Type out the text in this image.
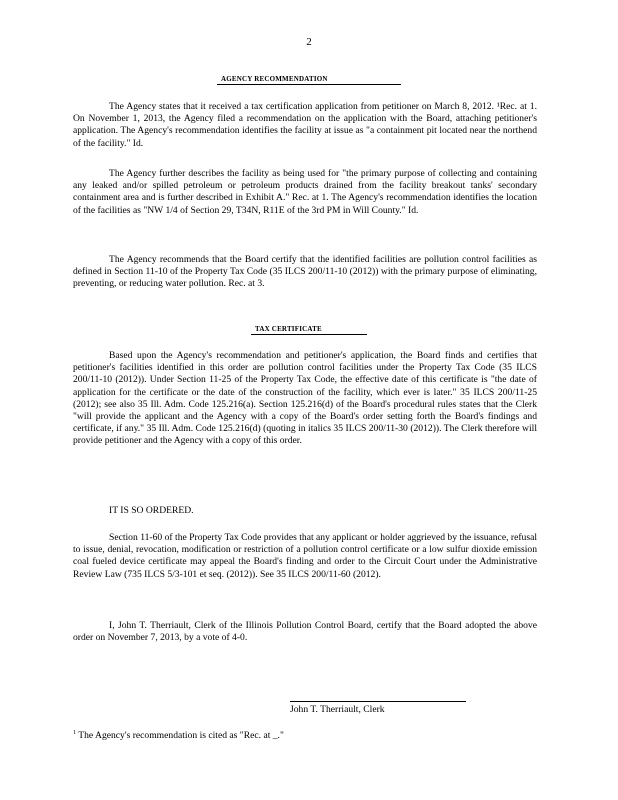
2
AGENCY RECOMMENDATION

The Agency states that it received a tax certification application from petitioner on March 8, 2012. ¹Rec. at 1. On November 1, 2013, the Agency filed a recommendation on the application with the Board, attaching petitioner's application. The Agency's recommendation identifies the facility at issue as "a containment pit located near the northend of the facility." Id.

The Agency further describes the facility as being used for "the primary purpose of collecting and containing any leaked and/or spilled petroleum or petroleum products drained from the facility breakout tanks' secondary containment area and is further described in Exhibit A." Rec. at 1. The Agency's recommendation identifies the location of the facilities as "NW 1/4 of Section 29, T34N, R11E of the 3rd PM in Will County." Id.

The Agency recommends that the Board certify that the identified facilities are pollution control facilities as defined in Section 11-10 of the Property Tax Code (35 ILCS 200/11-10 (2012)) with the primary purpose of eliminating, preventing, or reducing water pollution. Rec. at 3.

TAX CERTIFICATE

Based upon the Agency's recommendation and petitioner's application, the Board finds and certifies that petitioner's facilities identified in this order are pollution control facilities under the Property Tax Code (35 ILCS 200/11-10 (2012)). Under Section 11-25 of the Property Tax Code, the effective date of this certificate is "the date of application for the certificate or the date of the construction of the facility, which ever is later." 35 ILCS 200/11-25 (2012); see also 35 Ill. Adm. Code 125.216(a). Section 125.216(d) of the Board's procedural rules states that the Clerk "will provide the applicant and the Agency with a copy of the Board's order setting forth the Board's findings and certificate, if any." 35 Ill. Adm. Code 125.216(d) (quoting in italics 35 ILCS 200/11-30 (2012)). The Clerk therefore will provide petitioner and the Agency with a copy of this order.

IT IS SO ORDERED.

Section 11-60 of the Property Tax Code provides that any applicant or holder aggrieved by the issuance, refusal to issue, denial, revocation, modification or restriction of a pollution control certificate or a low sulfur dioxide emission coal fueled device certificate may appeal the Board's finding and order to the Circuit Court under the Administrative Review Law (735 ILCS 5/3-101 et seq. (2012)). See 35 ILCS 200/11-60 (2012).

I, John T. Therriault, Clerk of the Illinois Pollution Control Board, certify that the Board adopted the above order on November 7, 2013, by a vote of 4-0.

John T. Therriault, Clerk
$^1$ The Agency's recommendation is cited as "Rec. at _."
